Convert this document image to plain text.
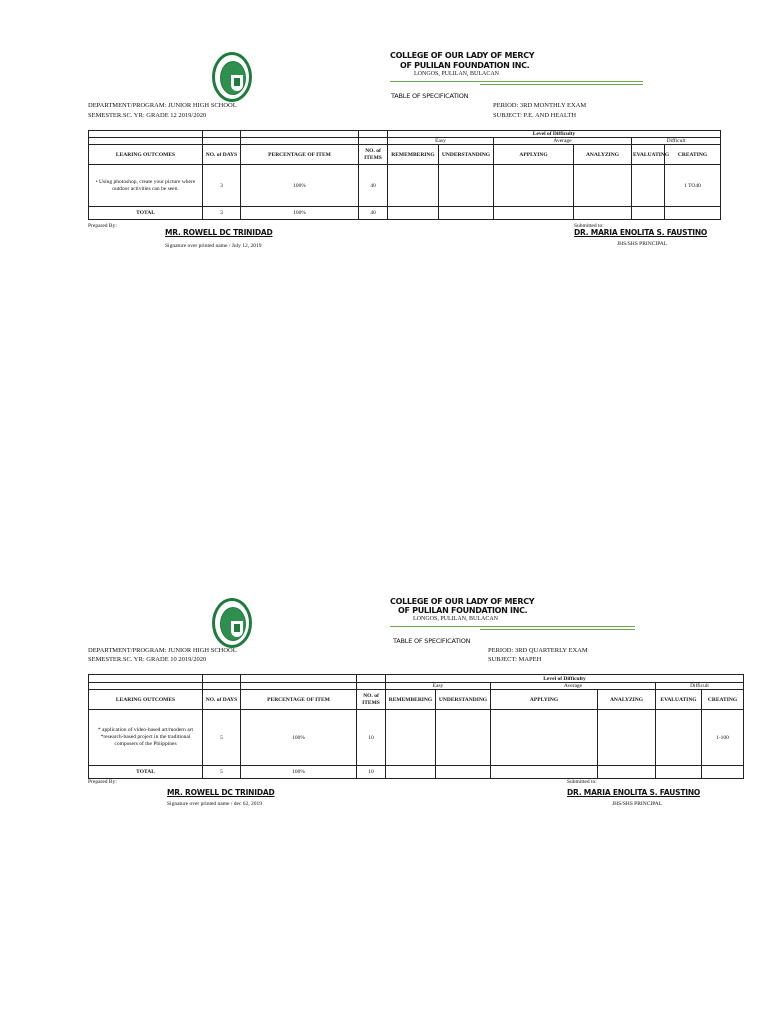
COLLEGE OF OUR LADY OF MERCY
OF PULILAN FOUNDATION INC.
LONGOS, PULILAN, BULACAN
TABLE OF SPECIFICATION
DEPARTMENT/PROGRAM: JUNIOR HIGH SCHOOL
SEMESTER.SC. YR: GRADE 12 2019/2020
PERIOD: 3RD MONTHLY EXAM
SUBJECT: P.E. AND HEALTH
				Level of Difficulty					
				Easy		Average		Difficult	
LEARING OUTCOMES	NO. of DAYS	PERCENTAGE OF ITEM	NO. of ITEMS	REMEMBERING	UNDERSTANDING	APPLYING	ANALYZING	EVALUATING	CREATING
• Using photoshop, create your picture where outdoor activities can be seen.	3	100%	40						1 TO40
TOTAL	3	100%	40						
Prepared By:
MR. ROWELL DC TRINIDAD
Signature over printed name / July 12, 2019
Submitted to:
DR. MARIA ENOLITA S. FAUSTINO
JHS/SHS PRINCIPAL
COLLEGE OF OUR LADY OF MERCY
OF PULILAN FOUNDATION INC.
LONGOS, PULILAN, BULACAN
TABLE OF SPECIFICATION
DEPARTMENT/PROGRAM: JUNIOR HIGH SCHOOL
SEMESTER.SC. YR: GRADE 10 2019/2020
PERIOD: 3RD QUARTERLY EXAM
SUBJECT: MAPEH
				Level of Difficulty					
				Easy		Average		Difficult	
LEARING OUTCOMES	NO. of DAYS	PERCENTAGE OF ITEM	NO. of ITEMS	REMEMBERING	UNDERSTANDING	APPLYING	ANALYZING	EVALUATING	CREATING
* application of video-based art/modern art *research-based project in the traditional composers of the Phiippines	5	100%	10						1-100
TOTAL	5	100%	10						
Prepared By:
MR. ROWELL DC TRINIDAD
Signature over printed name / dec 62, 2019
Submitted to:
DR. MARIA ENOLITA S. FAUSTINO
JHS/SHS PRINCIPAL
